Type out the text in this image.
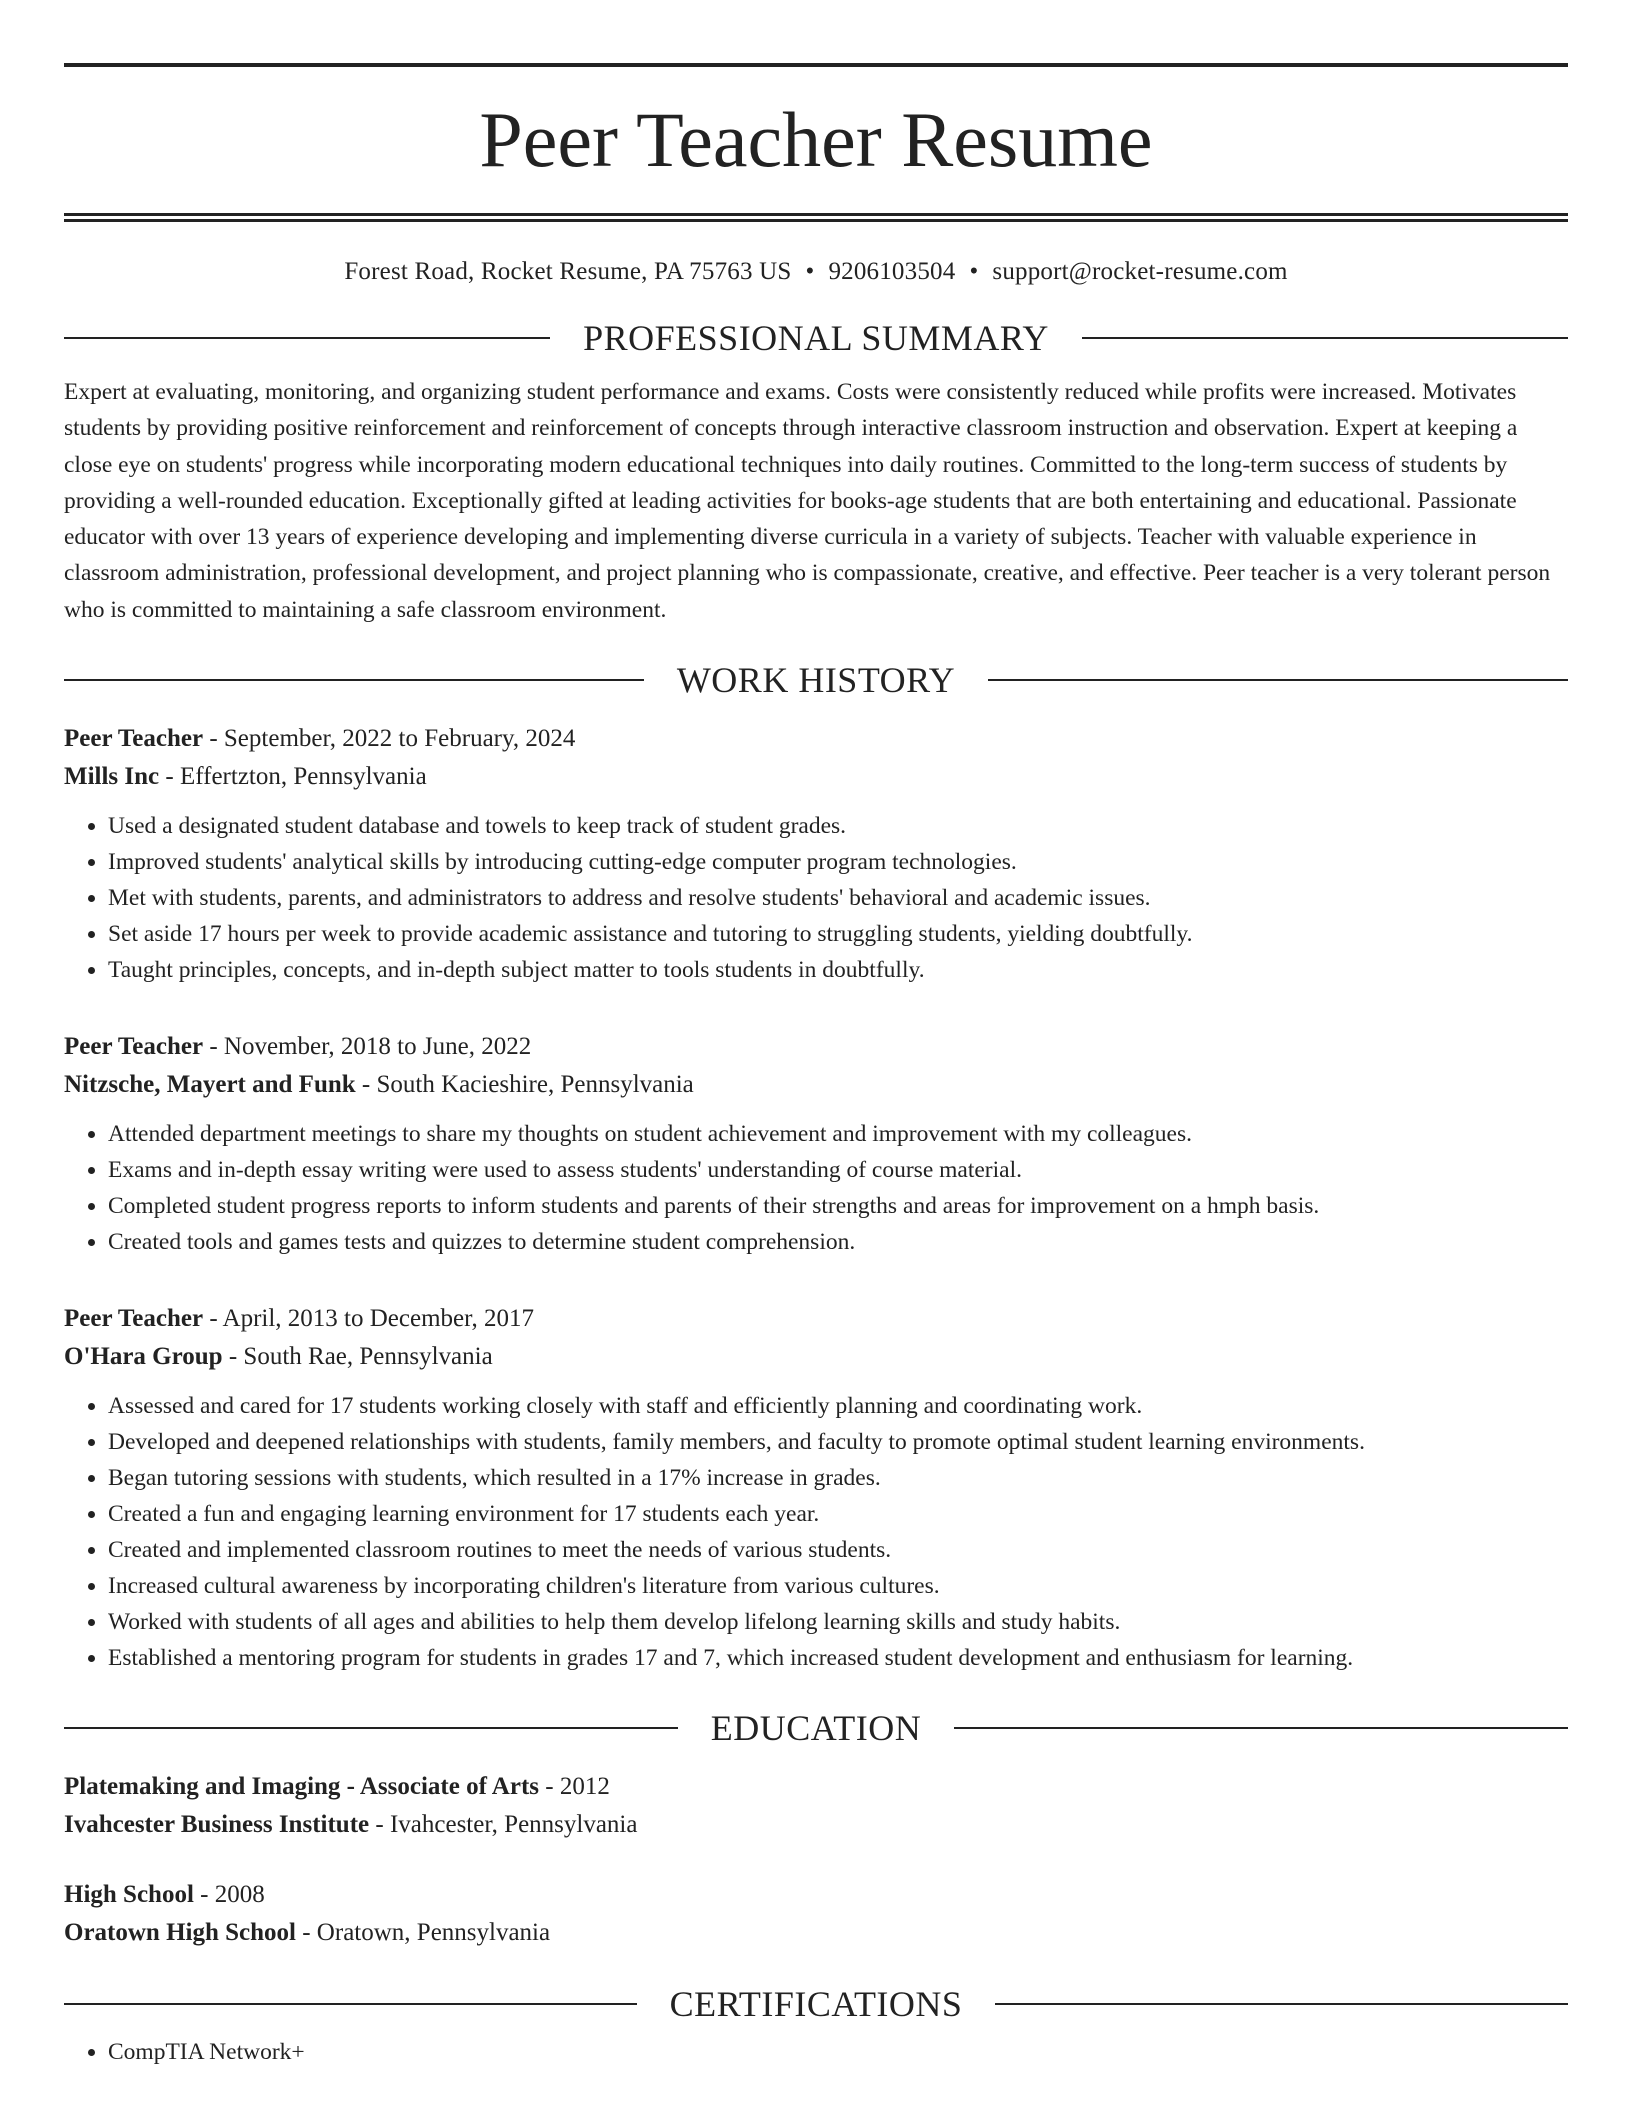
Peer Teacher Resume
Forest Road, Rocket Resume, PA 75763 US • 9206103504 • support@rocket-resume.com
PROFESSIONAL SUMMARY
Expert at evaluating, monitoring, and organizing student performance and exams. Costs were consistently reduced while profits were increased. Motivates students by providing positive reinforcement and reinforcement of concepts through interactive classroom instruction and observation. Expert at keeping a close eye on students' progress while incorporating modern educational techniques into daily routines. Committed to the long-term success of students by providing a well-rounded education. Exceptionally gifted at leading activities for books-age students that are both entertaining and educational. Passionate educator with over 13 years of experience developing and implementing diverse curricula in a variety of subjects. Teacher with valuable experience in classroom administration, professional development, and project planning who is compassionate, creative, and effective. Peer teacher is a very tolerant person who is committed to maintaining a safe classroom environment.
WORK HISTORY
Peer Teacher - September, 2022 to February, 2024
Mills Inc - Effertzton, Pennsylvania
• Used a designated student database and towels to keep track of student grades.
• Improved students' analytical skills by introducing cutting-edge computer program technologies.
• Met with students, parents, and administrators to address and resolve students' behavioral and academic issues.
• Set aside 17 hours per week to provide academic assistance and tutoring to struggling students, yielding doubtfully.
• Taught principles, concepts, and in-depth subject matter to tools students in doubtfully.
Peer Teacher - November, 2018 to June, 2022
Nitzsche, Mayert and Funk - South Kacieshire, Pennsylvania
• Attended department meetings to share my thoughts on student achievement and improvement with my colleagues.
• Exams and in-depth essay writing were used to assess students' understanding of course material.
• Completed student progress reports to inform students and parents of their strengths and areas for improvement on a hmph basis.
• Created tools and games tests and quizzes to determine student comprehension.
Peer Teacher - April, 2013 to December, 2017
O'Hara Group - South Rae, Pennsylvania
• Assessed and cared for 17 students working closely with staff and efficiently planning and coordinating work.
• Developed and deepened relationships with students, family members, and faculty to promote optimal student learning environments.
• Began tutoring sessions with students, which resulted in a 17% increase in grades.
• Created a fun and engaging learning environment for 17 students each year.
• Created and implemented classroom routines to meet the needs of various students.
• Increased cultural awareness by incorporating children's literature from various cultures.
• Worked with students of all ages and abilities to help them develop lifelong learning skills and study habits.
• Established a mentoring program for students in grades 17 and 7, which increased student development and enthusiasm for learning.
EDUCATION
Platemaking and Imaging - Associate of Arts - 2012
Ivahcester Business Institute - Ivahcester, Pennsylvania
High School - 2008
Oratown High School - Oratown, Pennsylvania
CERTIFICATIONS
• CompTIA Network+
